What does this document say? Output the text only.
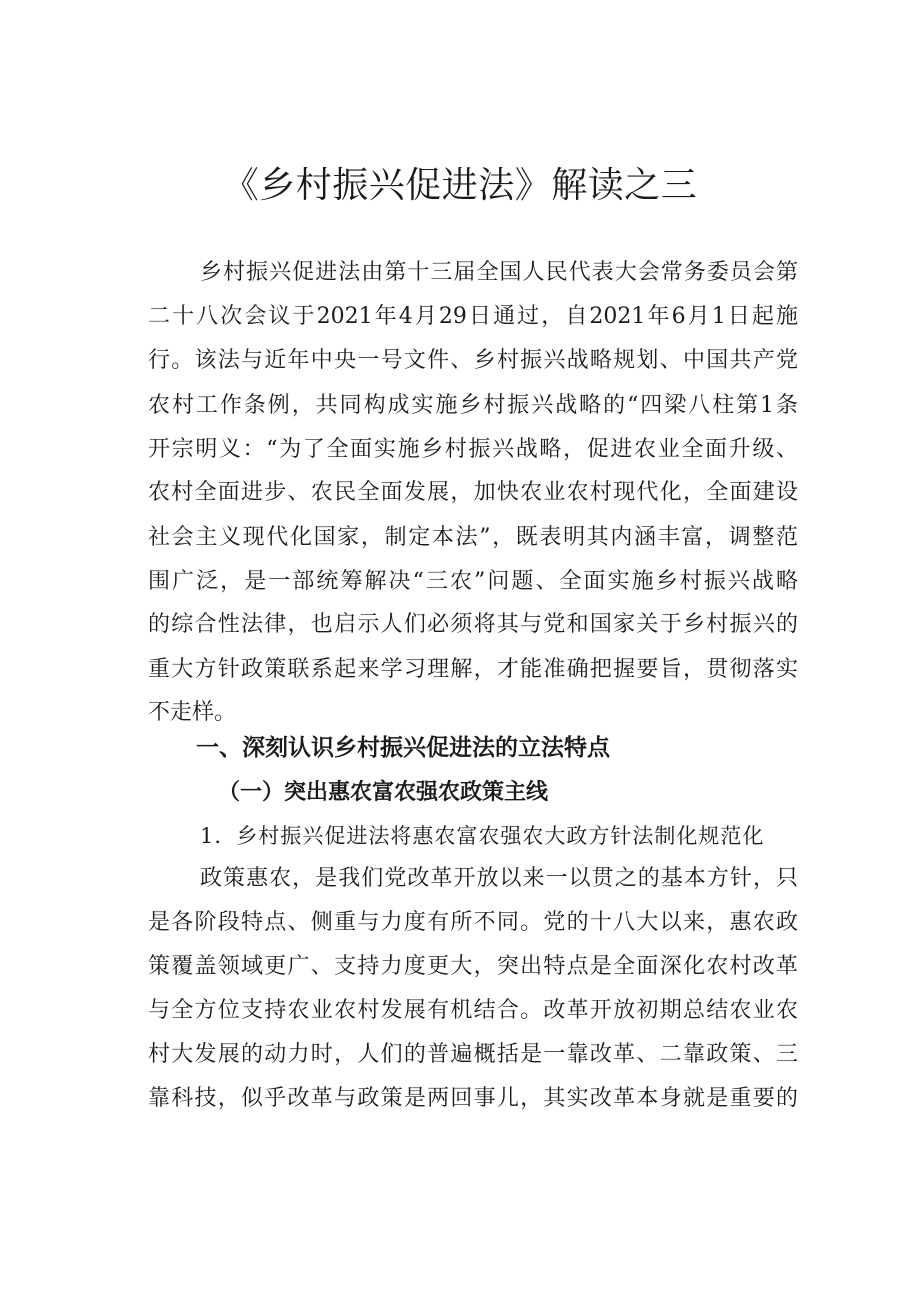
《乡村振兴促进法》解读之三
乡村振兴促进法由第十三届全国人民代表大会常务委员会第
二十八次会议于2021年4月29日通过，自2021年6月1日起施
行。该法与近年中央一号文件、乡村振兴战略规划、中国共产党
农村工作条例，共同构成实施乡村振兴战略的“四梁八柱第1条
开宗明义：“为了全面实施乡村振兴战略，促进农业全面升级、
农村全面进步、农民全面发展，加快农业农村现代化，全面建设
社会主义现代化国家，制定本法”，既表明其内涵丰富，调整范
围广泛，是一部统筹解决“三农”问题、全面实施乡村振兴战略
的综合性法律，也启示人们必须将其与党和国家关于乡村振兴的
重大方针政策联系起来学习理解，才能准确把握要旨，贯彻落实
不走样。
一、深刻认识乡村振兴促进法的立法特点
（一）突出惠农富农强农政策主线
1．乡村振兴促进法将惠农富农强农大政方针法制化规范化
政策惠农，是我们党改革开放以来一以贯之的基本方针，只
是各阶段特点、侧重与力度有所不同。党的十八大以来，惠农政
策覆盖领域更广、支持力度更大，突出特点是全面深化农村改革
与全方位支持农业农村发展有机结合。改革开放初期总结农业农
村大发展的动力时，人们的普遍概括是一靠改革、二靠政策、三
靠科技，似乎改革与政策是两回事儿，其实改革本身就是重要的
